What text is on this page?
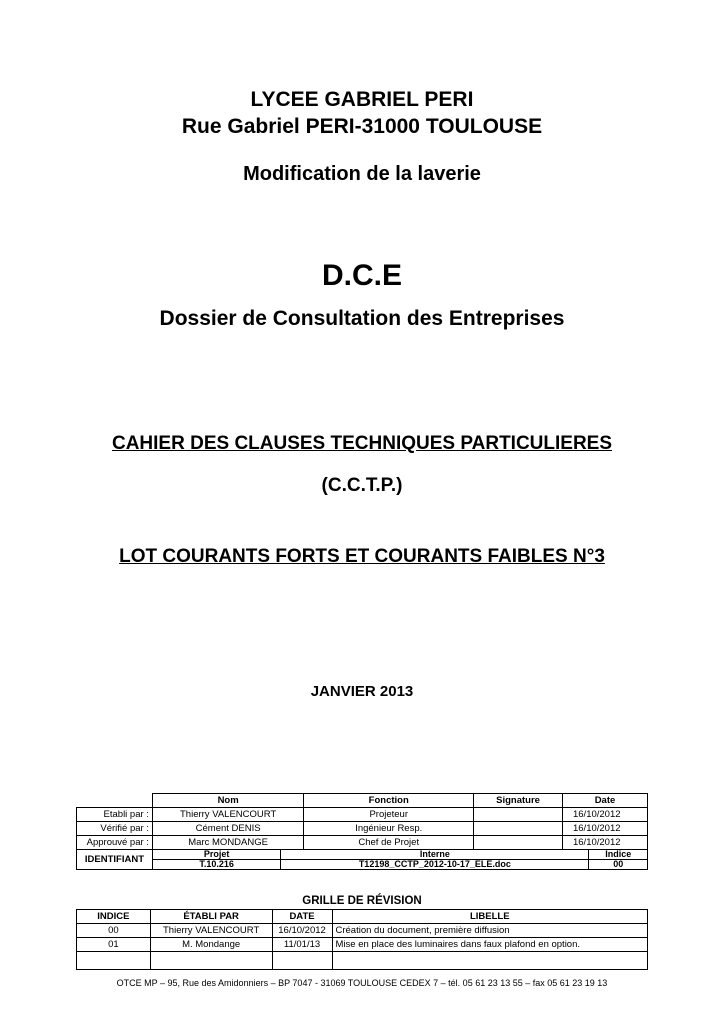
LYCEE GABRIEL PERI
Rue Gabriel PERI-31000 TOULOUSE
Modification de la laverie
D.C.E
Dossier de Consultation des Entreprises
CAHIER DES CLAUSES TECHNIQUES PARTICULIERES
(C.C.T.P.)
LOT COURANTS FORTS ET COURANTS FAIBLES N°3
JANVIER 2013
	Nom		Fonction	Signature	Date	
Etabli par :	Thierry VALENCOURT		Projeteur		16/10/2012	
Vérifié par :	Cément DENIS		Ingénieur Resp.		16/10/2012	
Approuvé par :	Marc MONDANGE		Chef de Projet		16/10/2012	
IDENTIFIANT	Projet	Interne				Indice
	T.10.216	T12198_CCTP_2012-10-17_ELE.doc				00
GRILLE DE RÉVISION
INDICE	ÉTABLI PAR	DATE	LIBELLE
00	Thierry VALENCOURT	16/10/2012	Création du document, première diffusion
01	M. Mondange	11/01/13	Mise en place des luminaires dans faux plafond en option.

OTCE MP – 95, Rue des Amidonniers – BP 7047 - 31069 TOULOUSE CEDEX 7 – tél. 05 61 23 13 55 – fax 05 61 23 19 13
